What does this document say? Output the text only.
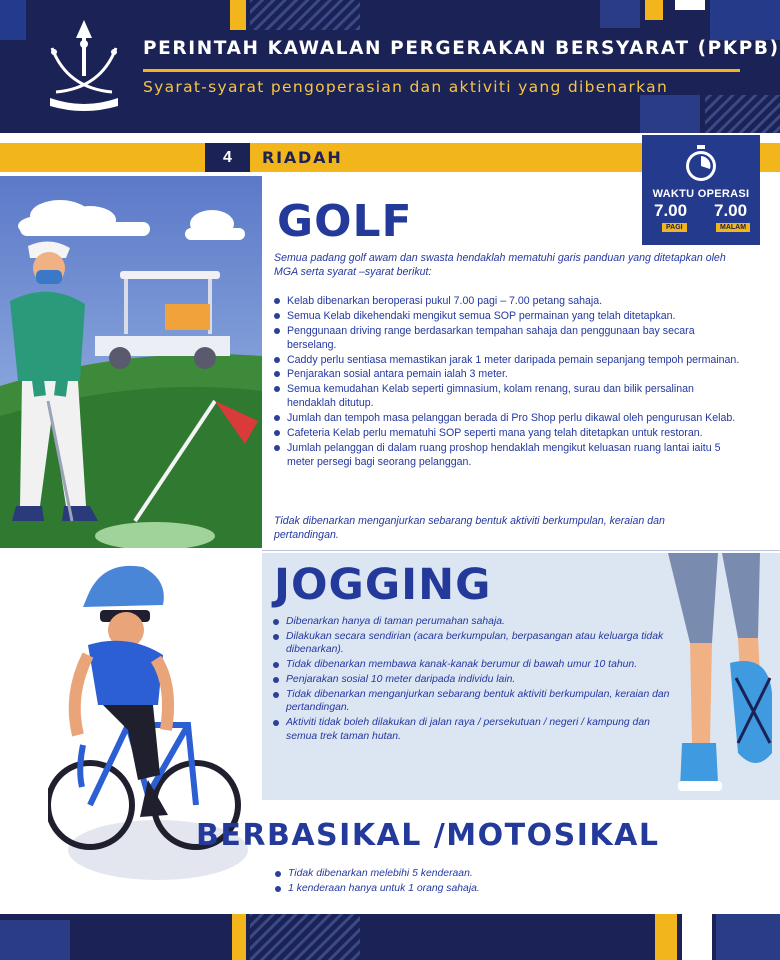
PERINTAH KAWALAN PERGERAKAN BERSYARAT (PKPB)
Syarat-syarat pengoperasian dan aktiviti yang dibenarkan
4	RIADAH
WAKTU OPERASI
7.00 7.00
PAGI	MALAM
GOLF
Semua padang golf awam dan swasta hendaklah mematuhi garis panduan yang ditetapkan oleh MGA serta syarat –syarat berikut:
Kelab dibenarkan beroperasi pukul 7.00 pagi – 7.00 petang sahaja.
Semua Kelab dikehendaki mengikut semua SOP permainan yang telah ditetapkan.
Penggunaan driving range berdasarkan tempahan sahaja dan penggunaan bay secara berselang.
Caddy perlu sentiasa memastikan jarak 1 meter daripada pemain sepanjang tempoh permainan.
Penjarakan sosial antara pemain ialah 3 meter.
Semua kemudahan Kelab seperti gimnasium, kolam renang, surau dan bilik persalinan hendaklah ditutup.
Jumlah dan tempoh masa pelanggan berada di Pro Shop perlu dikawal oleh pengurusan Kelab.
Cafeteria Kelab perlu mematuhi SOP seperti mana yang telah ditetapkan untuk restoran.
Jumlah pelanggan di dalam ruang proshop hendaklah mengikut keluasan ruang lantai iaitu 5 meter persegi bagi seorang pelanggan.
Tidak dibenarkan menganjurkan sebarang bentuk aktiviti berkumpulan, keraian dan pertandingan.
JOGGING
Dibenarkan hanya di taman perumahan sahaja.
Dilakukan secara sendirian (acara berkumpulan, berpasangan atau keluarga tidak dibenarkan).
Tidak dibenarkan membawa kanak-kanak berumur di bawah umur 10 tahun.
Penjarakan sosial 10 meter daripada individu lain.
Tidak dibenarkan menganjurkan sebarang bentuk aktiviti berkumpulan, keraian dan pertandingan.
Aktiviti tidak boleh dilakukan di jalan raya / persekutuan / negeri / kampung dan semua trek taman hutan.
BERBASIKAL /MOTOSIKAL
Tidak dibenarkan melebihi 5 kenderaan.
1 kenderaan hanya untuk 1 orang sahaja.
